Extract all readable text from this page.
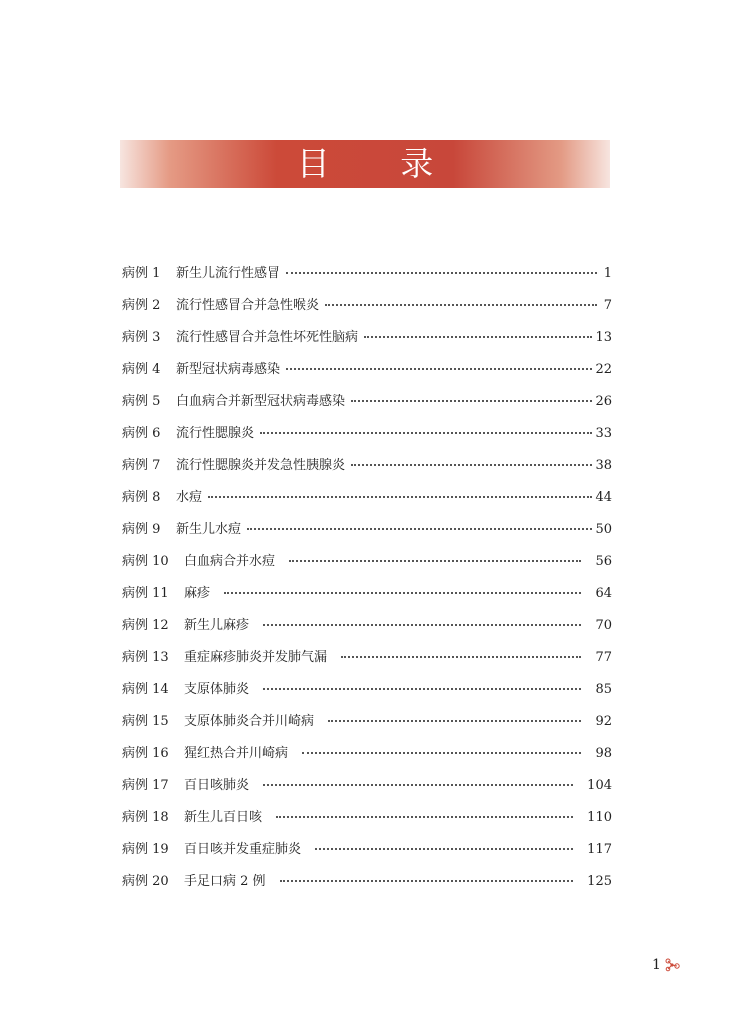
目 录
病例 1	新生儿流行性感冒	1
病例 2	流行性感冒合并急性喉炎	7
病例 3	流行性感冒合并急性坏死性脑病	13
病例 4	新型冠状病毒感染	22
病例 5	白血病合并新型冠状病毒感染	26
病例 6	流行性腮腺炎	33
病例 7	流行性腮腺炎并发急性胰腺炎	38
病例 8	水痘	44
病例 9	新生儿水痘	50
病例 10	白血病合并水痘	56
病例 11	麻疹	64
病例 12	新生儿麻疹	70
病例 13	重症麻疹肺炎并发肺气漏	77
病例 14	支原体肺炎	85
病例 15	支原体肺炎合并川崎病	92
病例 16	猩红热合并川崎病	98
病例 17	百日咳肺炎	104
病例 18	新生儿百日咳	110
病例 19	百日咳并发重症肺炎	117
病例 20	手足口病 2 例	125
1
